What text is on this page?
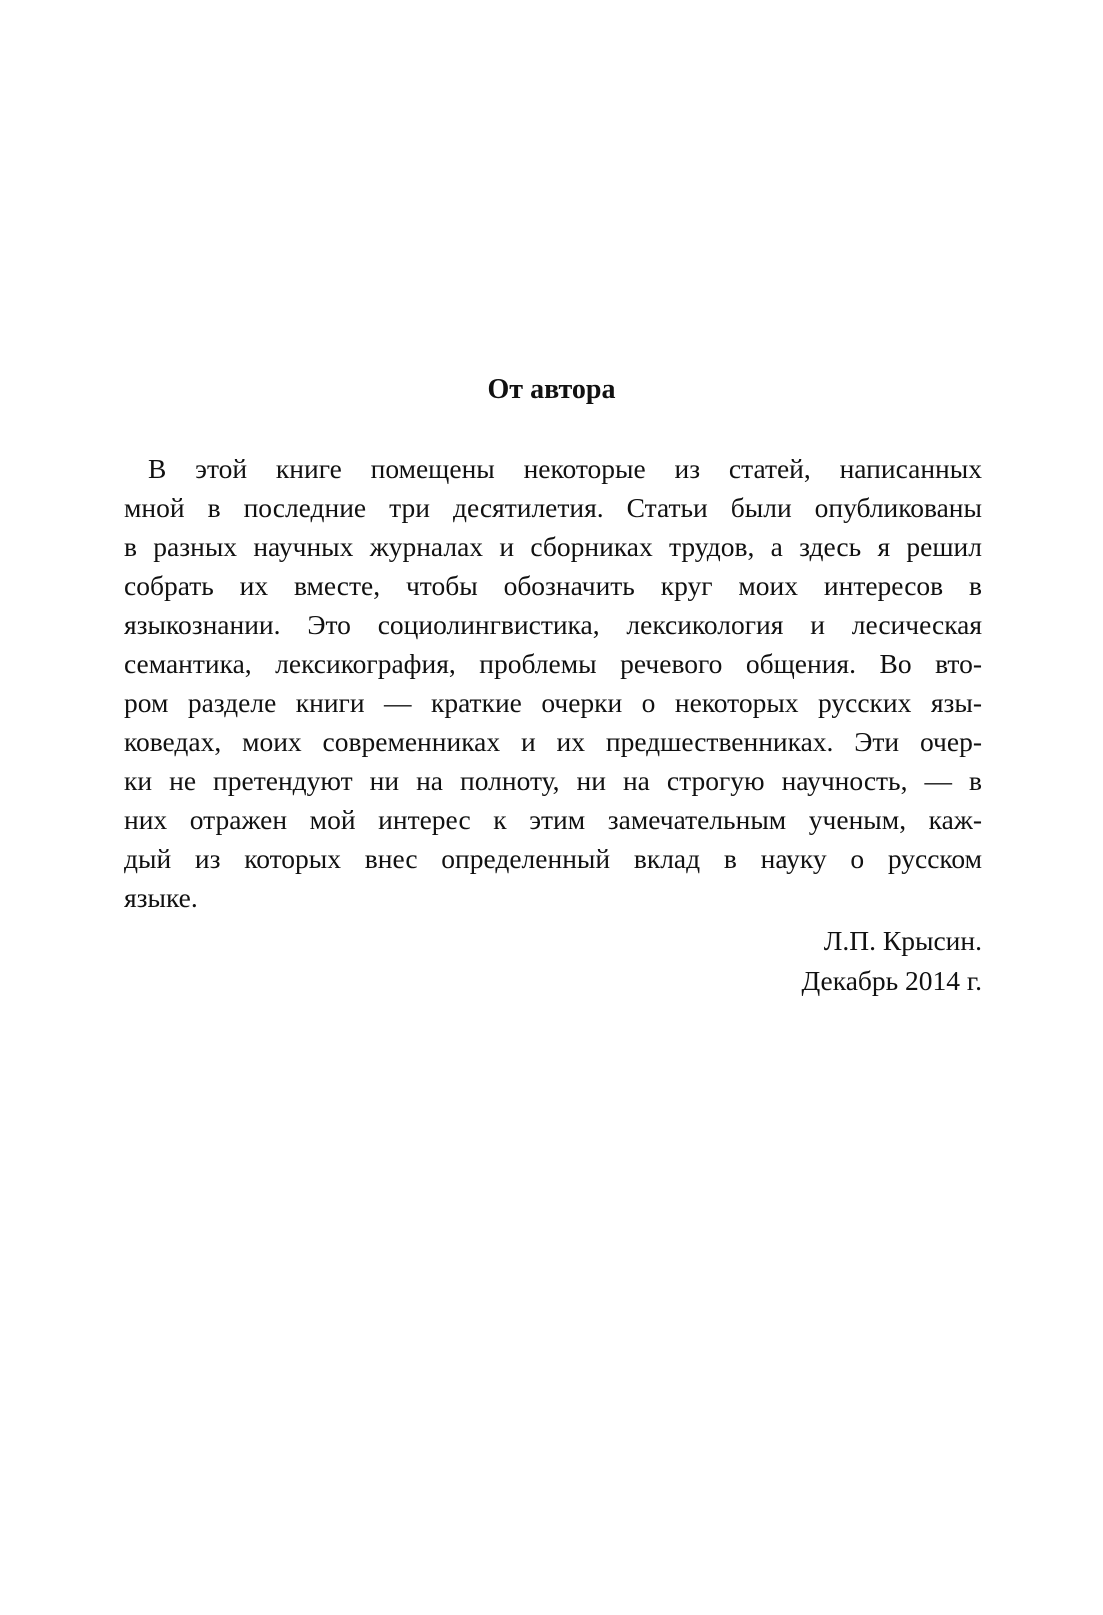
От автора
В этой книге помещены некоторые из статей, написанных
мной в последние три десятилетия. Статьи были опубликованы
в разных научных журналах и сборниках трудов, а здесь я решил
собрать их вместе, чтобы обозначить круг моих интересов в
языкознании. Это социолингвистика, лексикология и лесическая
семантика, лексикография, проблемы речевого общения. Во вто-
ром разделе книги — краткие очерки о некоторых русских язы-
коведах, моих современниках и их предшественниках. Эти очер-
ки не претендуют ни на полноту, ни на строгую научность, — в
них отражен мой интерес к этим замечательным ученым, каж-
дый из которых внес определенный вклад в науку о русском
языке.
Л.П. Крысин.
Декабрь 2014 г.
